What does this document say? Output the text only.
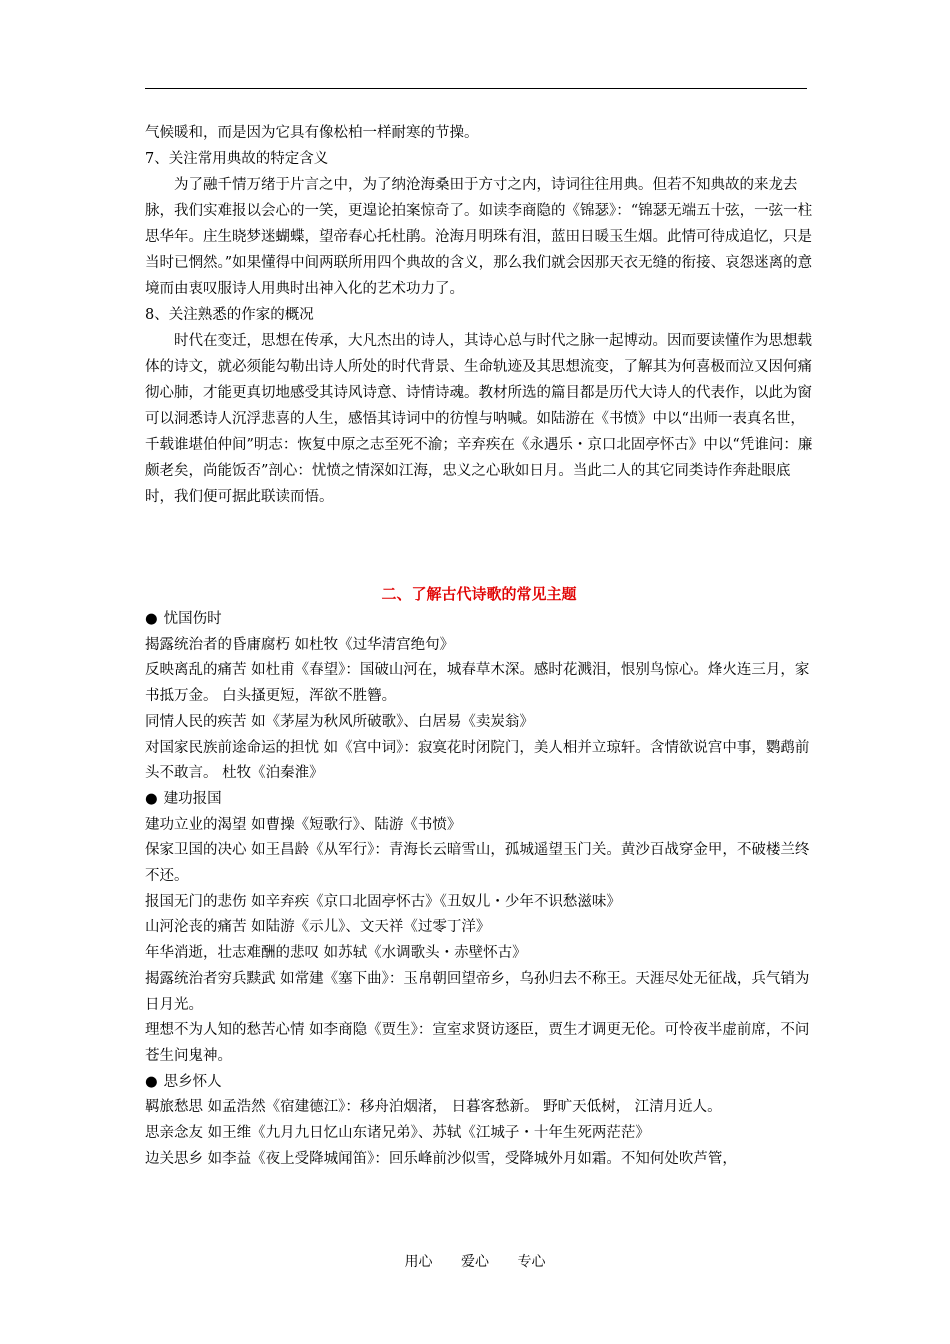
气候暖和，而是因为它具有像松柏一样耐寒的节操。

7、关注常用典故的特定含义

为了融千情万绪于片言之中，为了纳沧海桑田于方寸之内，诗词往往用典。但若不知典故的来龙去脉，我们实难报以会心的一笑，更遑论拍案惊奇了。如读李商隐的《锦瑟》：“锦瑟无端五十弦，一弦一柱思华年。庄生晓梦迷蝴蝶，望帝春心托杜鹃。沧海月明珠有泪，蓝田日暖玉生烟。此情可待成追忆，只是当时已惘然。”如果懂得中间两联所用四个典故的含义，那么我们就会因那天衣无缝的衔接、哀怨迷离的意境而由衷叹服诗人用典时出神入化的艺术功力了。

8、关注熟悉的作家的概况

时代在变迁，思想在传承，大凡杰出的诗人，其诗心总与时代之脉一起博动。因而要读懂作为思想载体的诗文，就必须能勾勒出诗人所处的时代背景、生命轨迹及其思想流变，了解其为何喜极而泣又因何痛彻心肺，才能更真切地感受其诗风诗意、诗情诗魂。教材所选的篇目都是历代大诗人的代表作，以此为窗可以洞悉诗人沉浮悲喜的人生，感悟其诗词中的彷惶与呐喊。如陆游在《书愤》中以“出师一表真名世，千载谁堪伯仲间”明志：恢复中原之志至死不渝；辛弃疾在《永遇乐・京口北固亭怀古》中以“凭谁问：廉颇老矣，尚能饭否”剖心：忧愤之情深如江海，忠义之心耿如日月。当此二人的其它同类诗作奔赴眼底时，我们便可据此联读而悟。

二、了解古代诗歌的常见主题

● 忧国伤时

揭露统治者的昏庸腐朽 如杜牧《过华清宫绝句》

反映离乱的痛苦 如杜甫《春望》：国破山河在，城春草木深。感时花溅泪，恨别鸟惊心。烽火连三月，家书抵万金。 白头搔更短，浑欲不胜簪。

同情人民的疾苦 如《茅屋为秋风所破歌》、白居易《卖炭翁》

对国家民族前途命运的担忧 如《宫中词》：寂寞花时闭院门，美人相并立琼轩。含情欲说宫中事，鹦鹉前头不敢言。 杜牧《泊秦淮》

● 建功报国

建功立业的渴望 如曹操《短歌行》、陆游《书愤》

保家卫国的决心 如王昌龄《从军行》：青海长云暗雪山，孤城遥望玉门关。黄沙百战穿金甲，不破楼兰终不还。

报国无门的悲伤 如辛弃疾《京口北固亭怀古》《丑奴儿・少年不识愁滋味》

山河沦丧的痛苦 如陆游《示儿》、文天祥《过零丁洋》

年华消逝，壮志难酬的悲叹 如苏轼《水调歌头・赤壁怀古》

揭露统治者穷兵黩武 如常建《塞下曲》：玉帛朝回望帝乡，乌孙归去不称王。天涯尽处无征战，兵气销为日月光。

理想不为人知的愁苦心情 如李商隐《贾生》：宣室求贤访逐臣，贾生才调更无伦。可怜夜半虚前席，不问苍生问鬼神。

● 思乡怀人

羁旅愁思 如孟浩然《宿建德江》：移舟泊烟渚， 日暮客愁新。 野旷天低树， 江清月近人。

思亲念友 如王维《九月九日忆山东诸兄弟》、苏轼《江城子・十年生死两茫茫》

边关思乡 如李益《夜上受降城闻笛》：回乐峰前沙似雪，受降城外月如霜。不知何处吹芦管，

用心 爱心 专心
